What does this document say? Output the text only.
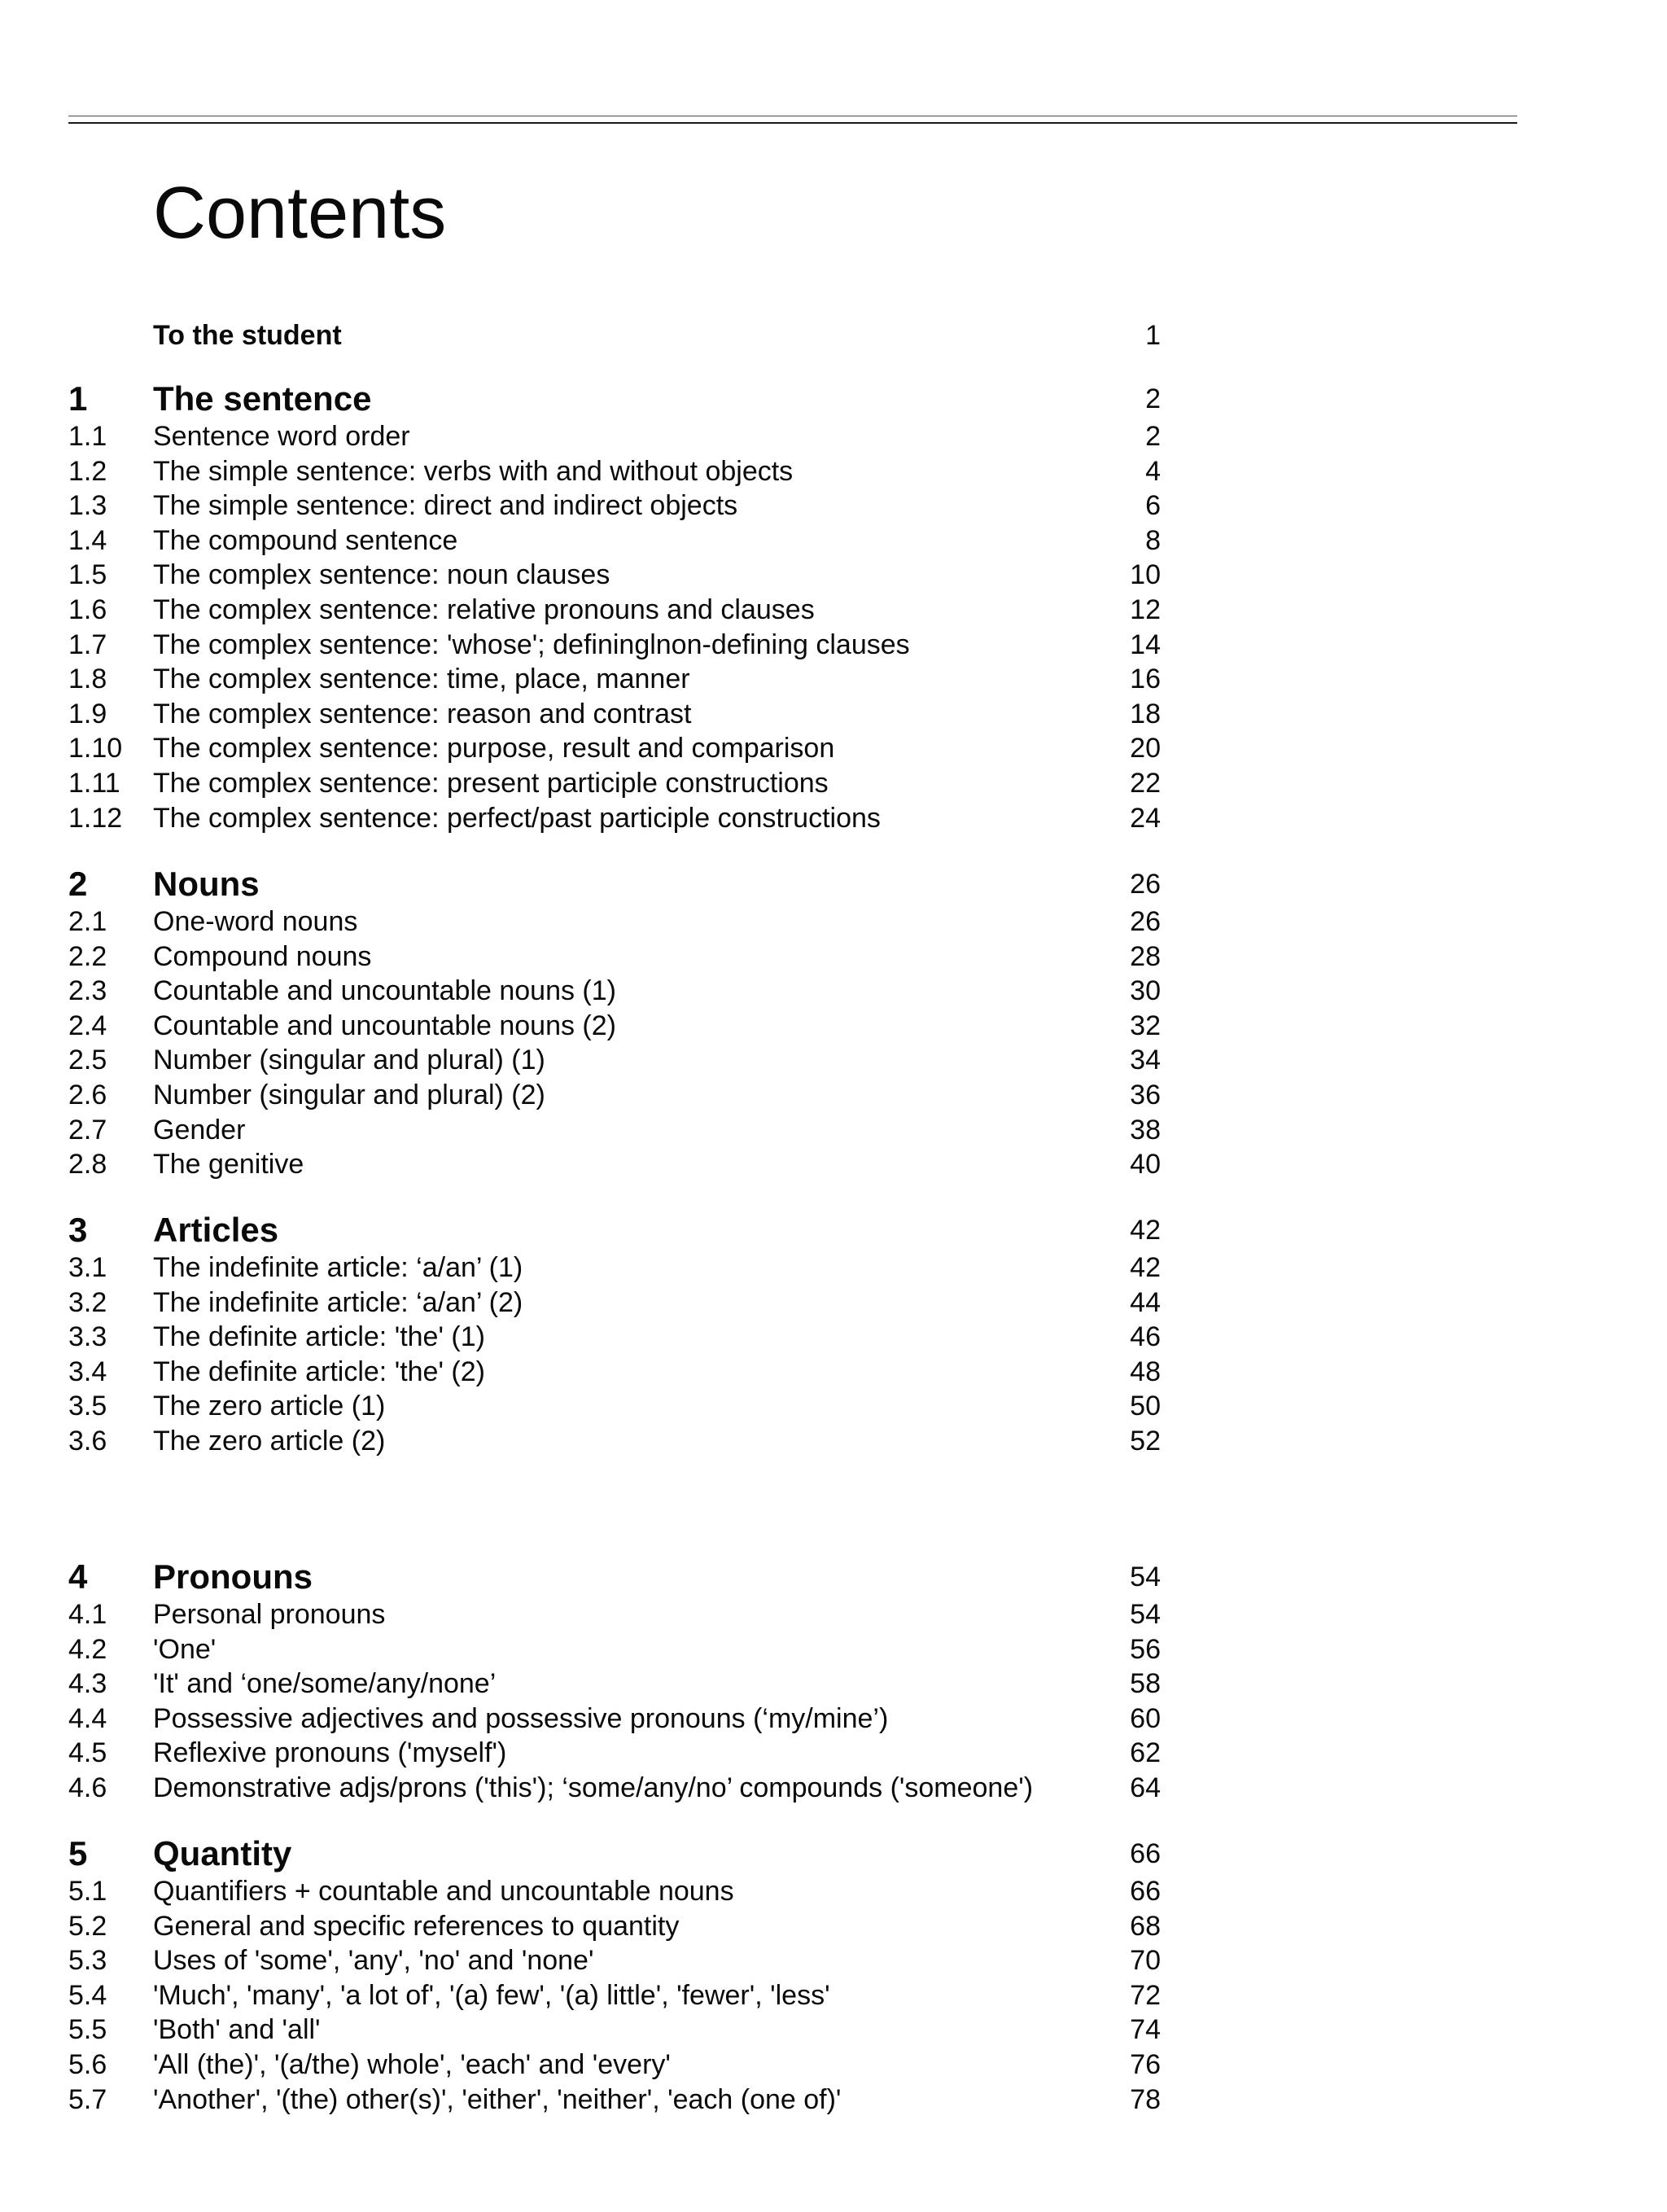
Contents
To the student	1
1 The sentence	2
1.1 Sentence word order	2
1.2 The simple sentence: verbs with and without objects	4
1.3 The simple sentence: direct and indirect objects	6
1.4 The compound sentence	8
1.5 The complex sentence: noun clauses	10
1.6 The complex sentence: relative pronouns and clauses	12
1.7 The complex sentence: 'whose'; defininglnon-defining clauses	14
1.8 The complex sentence: time, place, manner	16
1.9 The complex sentence: reason and contrast	18
1.10 The complex sentence: purpose, result and comparison	20
1.11 The complex sentence: present participle constructions	22
1.12 The complex sentence: perfect/past participle constructions	24
2 Nouns	26
2.1 One-word nouns	26
2.2 Compound nouns	28
2.3 Countable and uncountable nouns (1)	30
2.4 Countable and uncountable nouns (2)	32
2.5 Number (singular and plural) (1)	34
2.6 Number (singular and plural) (2)	36
2.7 Gender	38
2.8 The genitive	40
3 Articles	42
3.1 The indefinite article: ‘a/an’ (1)	42
3.2 The indefinite article: ‘a/an’ (2)	44
3.3 The definite article: 'the' (1)	46
3.4 The definite article: 'the' (2)	48
3.5 The zero article (1)	50
3.6 The zero article (2)	52
4 Pronouns	54
4.1 Personal pronouns	54
4.2 'One'	56
4.3 'It' and ‘one/some/any/none’	58
4.4 Possessive adjectives and possessive pronouns (‘my/mine’)	60
4.5 Reflexive pronouns ('myself')	62
4.6 Demonstrative adjs/prons ('this'); ‘some/any/no’ compounds ('someone')	64
5 Quantity	66
5.1 Quantifiers + countable and uncountable nouns	66
5.2 General and specific references to quantity	68
5.3 Uses of 'some', 'any', 'no' and 'none'	70
5.4 'Much', 'many', 'a lot of', '(a) few', '(a) little', 'fewer', 'less'	72
5.5 'Both' and 'all'	74
5.6 'All (the)', '(a/the) whole', 'each' and 'every'	76
5.7 'Another', '(the) other(s)', 'either', 'neither', 'each (one of)'	78
